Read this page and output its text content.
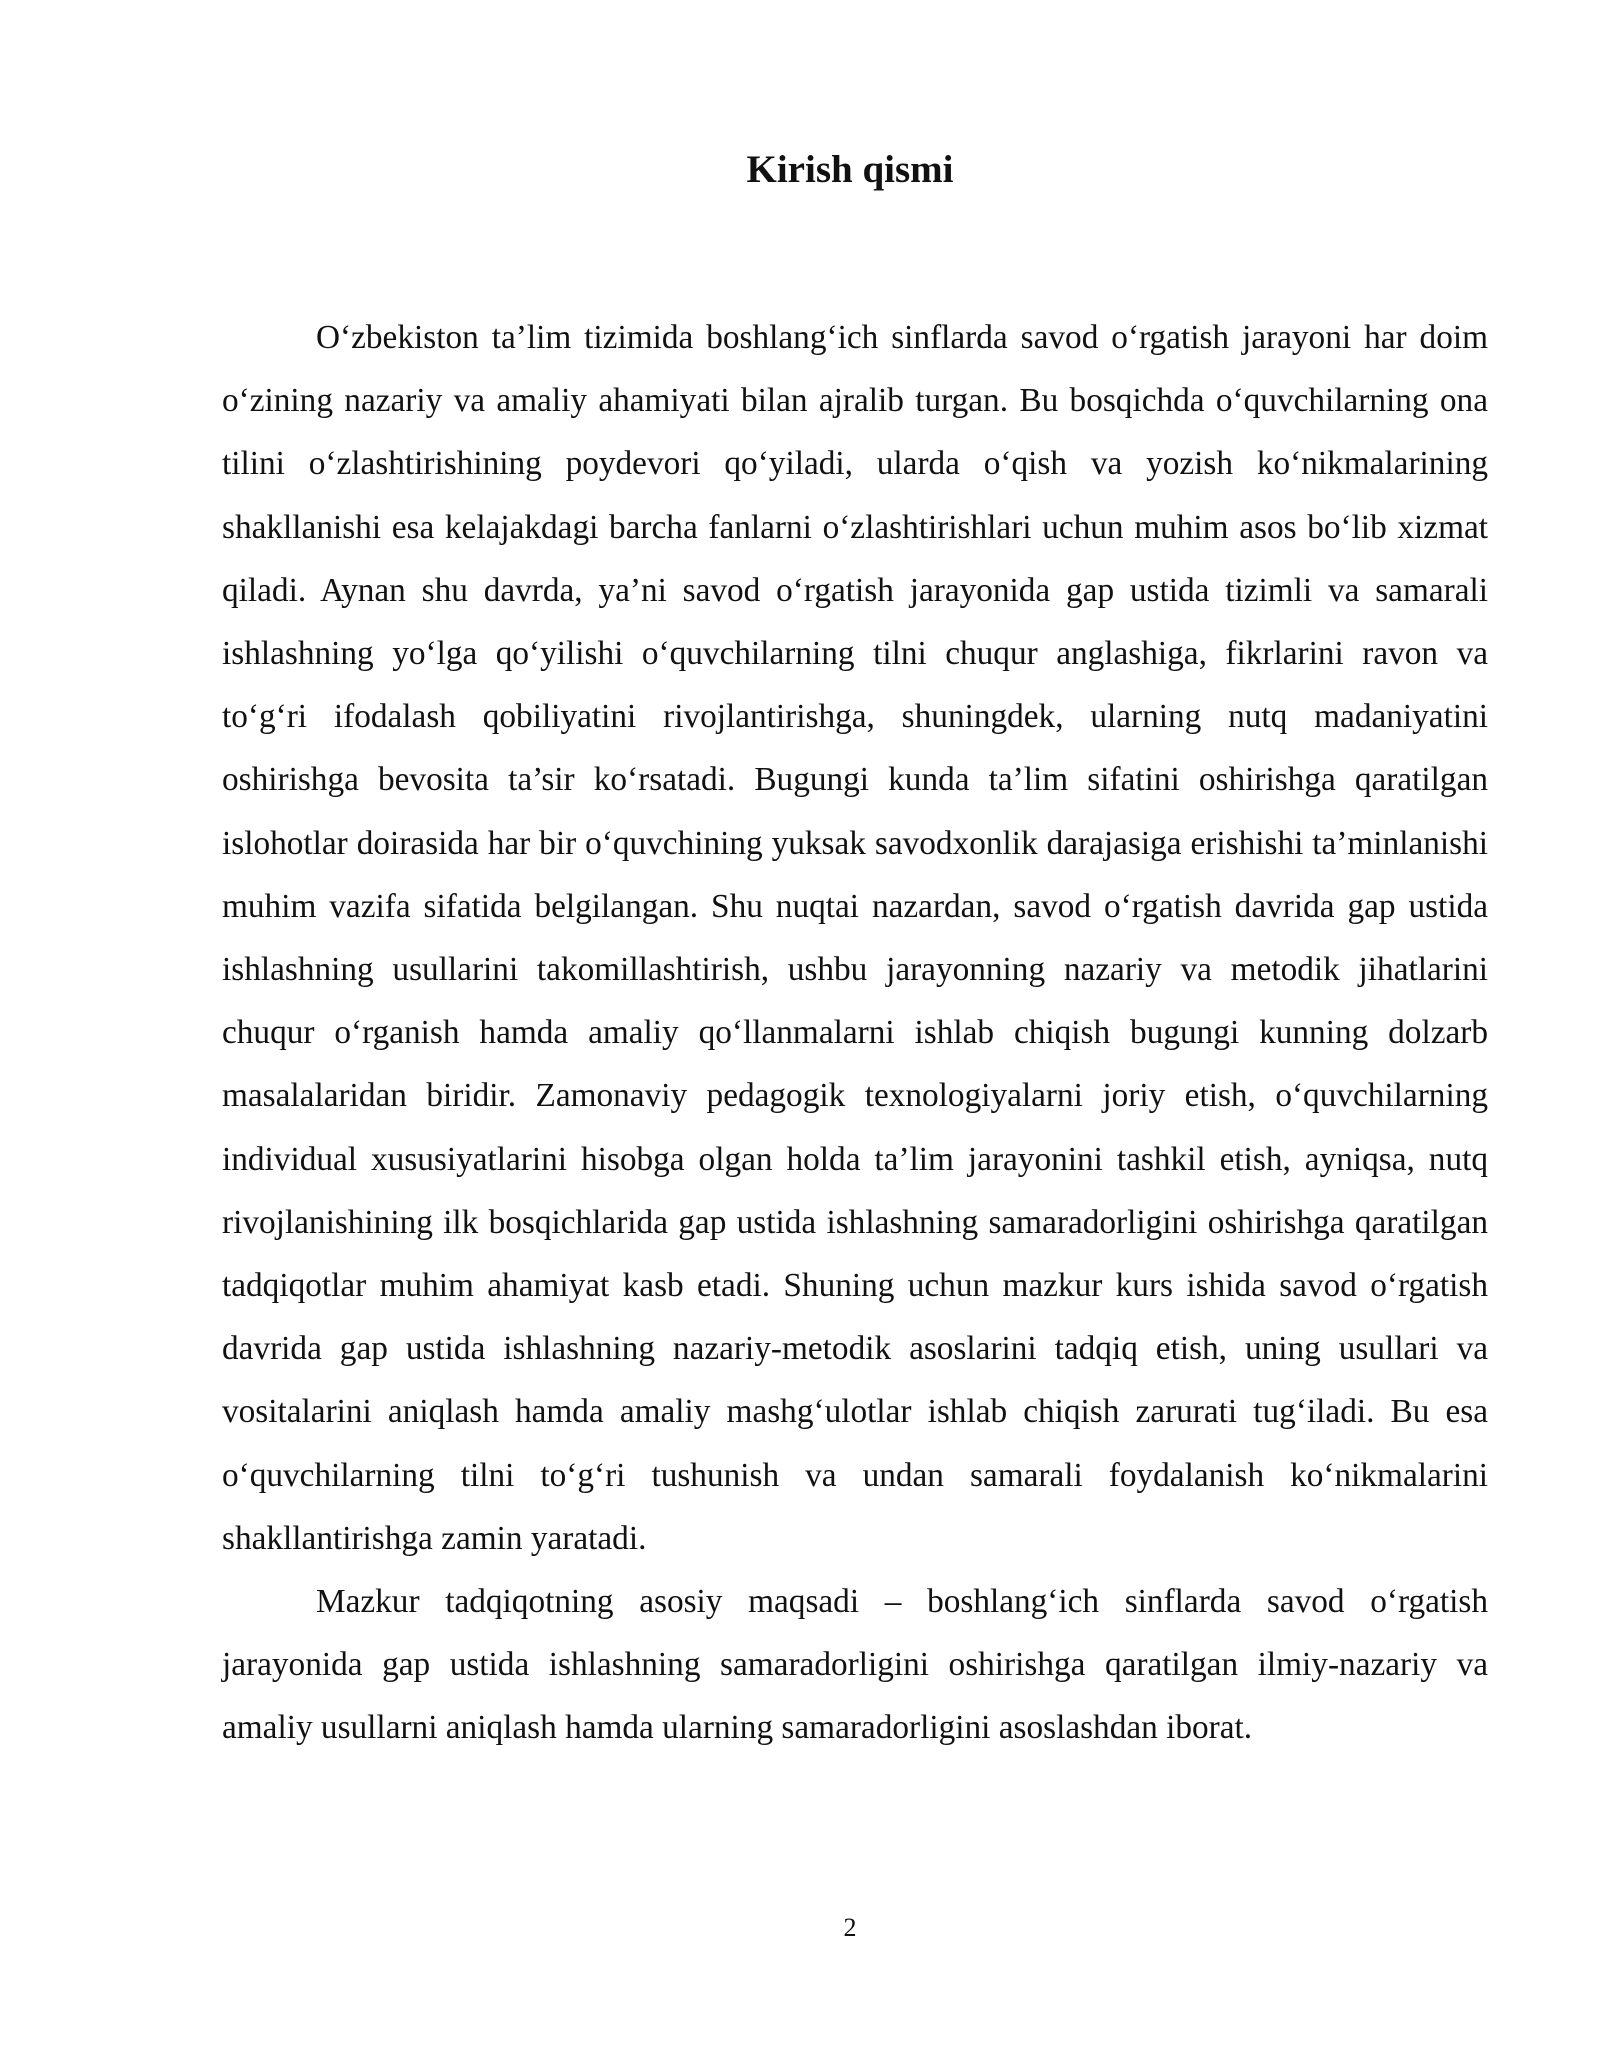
Kirish qismi

O‘zbekiston ta’lim tizimida boshlang‘ich sinflarda savod o‘rgatish jarayoni har doim o‘zining nazariy va amaliy ahamiyati bilan ajralib turgan. Bu bosqichda o‘quvchilarning ona tilini o‘zlashtirishining poydevori qo‘yiladi, ularda o‘qish va yozish ko‘nikmalarining shakllanishi esa kelajakdagi barcha fanlarni o‘zlashtirishlari uchun muhim asos bo‘lib xizmat qiladi. Aynan shu davrda, ya’ni savod o‘rgatish jarayonida gap ustida tizimli va samarali ishlashning yo‘lga qo‘yilishi o‘quvchilarning tilni chuqur anglashiga, fikrlarini ravon va to‘g‘ri ifodalash qobiliyatini rivojlantirishga, shuningdek, ularning nutq madaniyatini oshirishga bevosita ta’sir ko‘rsatadi. Bugungi kunda ta’lim sifatini oshirishga qaratilgan islohotlar doirasida har bir o‘quvchining yuksak savodxonlik darajasiga erishishi ta’minlanishi muhim vazifa sifatida belgilangan. Shu nuqtai nazardan, savod o‘rgatish davrida gap ustida ishlashning usullarini takomillashtirish, ushbu jarayonning nazariy va metodik jihatlarini chuqur o‘rganish hamda amaliy qo‘llanmalarni ishlab chiqish bugungi kunning dolzarb masalalaridan biridir. Zamonaviy pedagogik texnologiyalarni joriy etish, o‘quvchilarning individual xususiyatlarini hisobga olgan holda ta’lim jarayonini tashkil etish, ayniqsa, nutq rivojlanishining ilk bosqichlarida gap ustida ishlashning samaradorligini oshirishga qaratilgan tadqiqotlar muhim ahamiyat kasb etadi. Shuning uchun mazkur kurs ishida savod o‘rgatish davrida gap ustida ishlashning nazariy-metodik asoslarini tadqiq etish, uning usullari va vositalarini aniqlash hamda amaliy mashg‘ulotlar ishlab chiqish zarurati tug‘iladi. Bu esa o‘quvchilarning tilni to‘g‘ri tushunish va undan samarali foydalanish ko‘nikmalarini shakllantirishga zamin yaratadi.

Mazkur tadqiqotning asosiy maqsadi – boshlang‘ich sinflarda savod o‘rgatish jarayonida gap ustida ishlashning samaradorligini oshirishga qaratilgan ilmiy-nazariy va amaliy usullarni aniqlash hamda ularning samaradorligini asoslashdan iborat.

2
